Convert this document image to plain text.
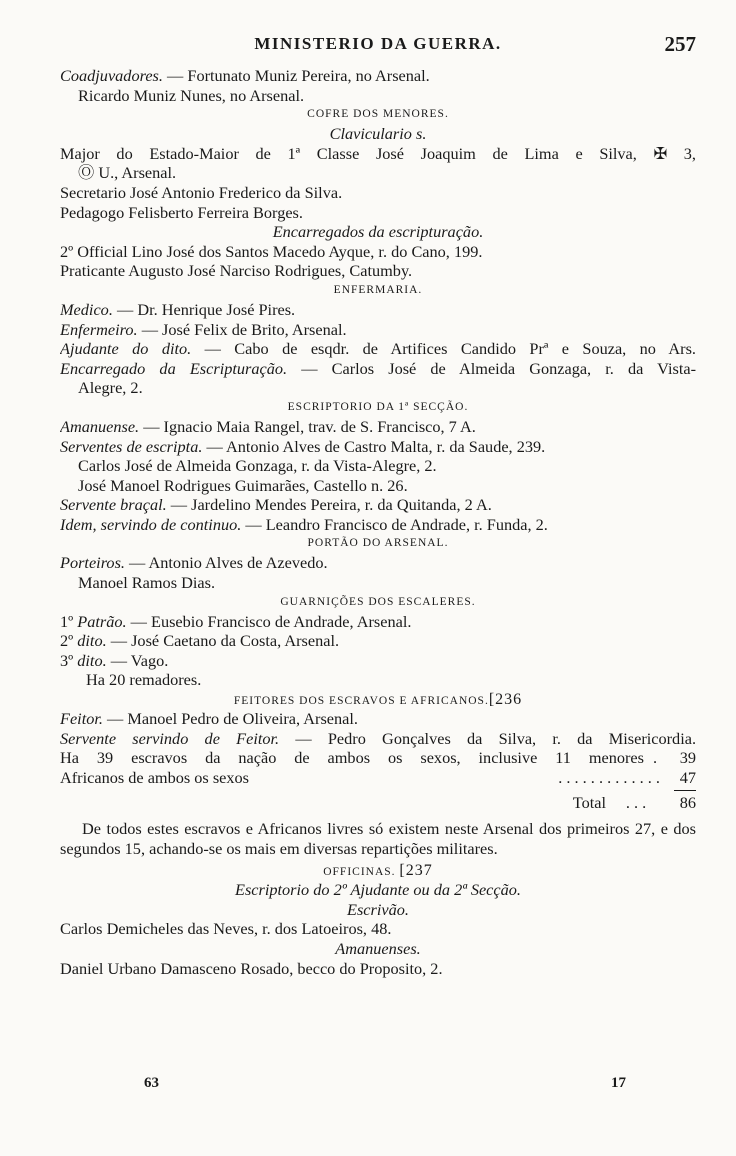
MINISTERIO DA GUERRA.	257
Coadjuvadores. — Fortunato Muniz Pereira, no Arsenal.
Ricardo Muniz Nunes, no Arsenal.
COFRE DOS MENORES.
Claviculario s.
Major do Estado-Maior de 1ª Classe José Joaquim de Lima e Silva, ✠ 3,
Ⓞ U., Arsenal.
Secretario José Antonio Frederico da Silva.
Pedagogo Felisberto Ferreira Borges.
Encarregados da escripturação.
2º Official Lino José dos Santos Macedo Ayque, r. do Cano, 199.
Praticante Augusto José Narciso Rodrigues, Catumby.
ENFERMARIA.
Medico. — Dr. Henrique José Pires.
Enfermeiro. — José Felix de Brito, Arsenal.
Ajudante do dito. — Cabo de esqdr. de Artifices Candido Prª e Souza, no Ars.
Encarregado da Escripturação. — Carlos José de Almeida Gonzaga, r. da Vista-
Alegre, 2.
ESCRIPTORIO DA 1ª SECÇÃO.
Amanuense. — Ignacio Maia Rangel, trav. de S. Francisco, 7 A.
Serventes de escripta. — Antonio Alves de Castro Malta, r. da Saude, 239.
Carlos José de Almeida Gonzaga, r. da Vista-Alegre, 2.
José Manoel Rodrigues Guimarães, Castello n. 26.
Servente braçal. — Jardelino Mendes Pereira, r. da Quitanda, 2 A.
Idem, servindo de continuo. — Leandro Francisco de Andrade, r. Funda, 2.
PORTÃO DO ARSENAL.
Porteiros. — Antonio Alves de Azevedo.
Manoel Ramos Dias.
GUARNIÇÕES DOS ESCALERES.
1º Patrão. — Eusebio Francisco de Andrade, Arsenal.
2º dito. — José Caetano da Costa, Arsenal.
3º dito. — Vago.
Ha 20 remadores.
FEITORES DOS ESCRAVOS E AFRICANOS.[236
Feitor. — Manoel Pedro de Oliveira, Arsenal.
Servente servindo de Feitor. — Pedro Gonçalves da Silva, r. da Misericordia.
Ha 39 escravos da nação de ambos os sexos, inclusive 11 menores .	39
Africanos de ambos os sexos	. . . . . . . . . . . . .	47
Total	. . .	86
De todos estes escravos e Africanos livres só existem neste Arsenal dos primeiros 27, e dos segundos 15, achando-se os mais em diversas repartições militares.
OFFICINAS. [237
Escriptorio do 2º Ajudante ou da 2ª Secção.
Escrivão.
Carlos Demicheles das Neves, r. dos Latoeiros, 48.
Amanuenses.
Daniel Urbano Damasceno Rosado, becco do Proposito, 2.
63	17
